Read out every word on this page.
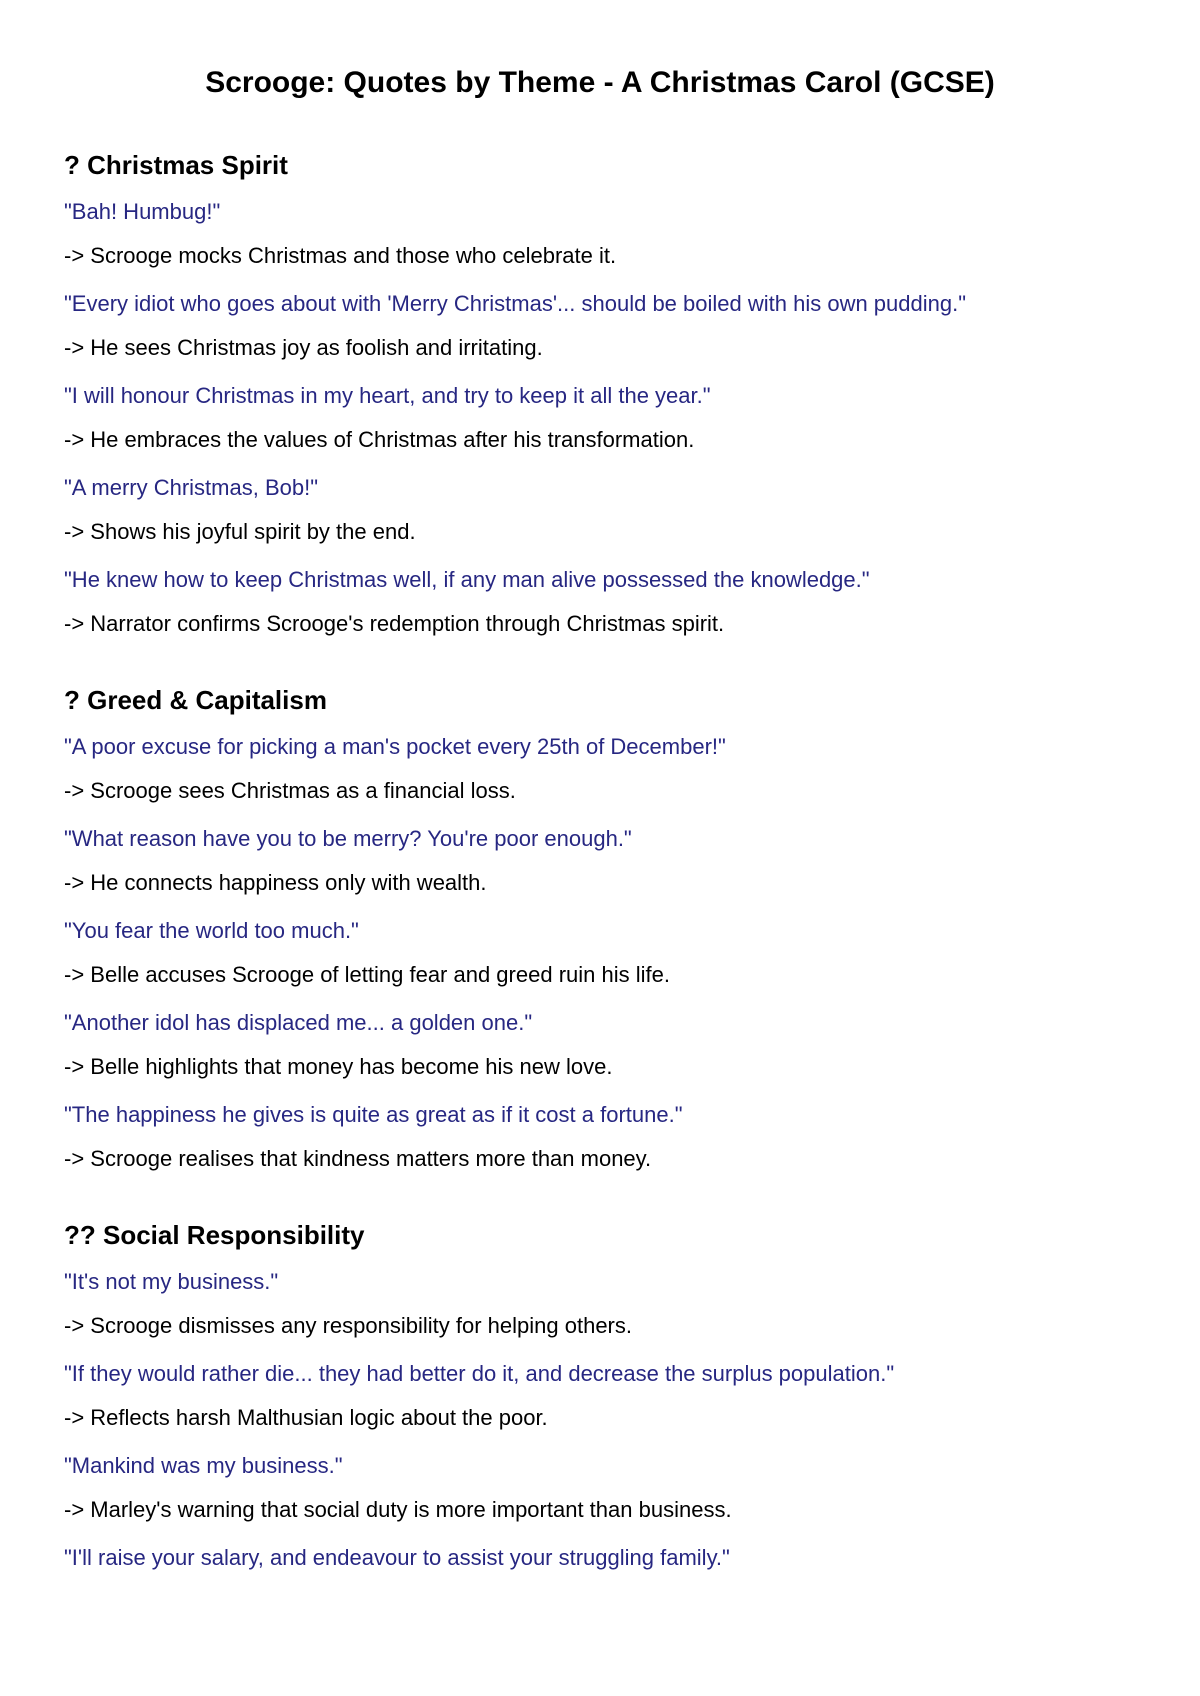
Scrooge: Quotes by Theme - A Christmas Carol (GCSE)
? Christmas Spirit

"Bah! Humbug!"

-> Scrooge mocks Christmas and those who celebrate it.

"Every idiot who goes about with 'Merry Christmas'... should be boiled with his own pudding."

-> He sees Christmas joy as foolish and irritating.

"I will honour Christmas in my heart, and try to keep it all the year."

-> He embraces the values of Christmas after his transformation.

"A merry Christmas, Bob!"

-> Shows his joyful spirit by the end.

"He knew how to keep Christmas well, if any man alive possessed the knowledge."

-> Narrator confirms Scrooge's redemption through Christmas spirit.

? Greed & Capitalism

"A poor excuse for picking a man's pocket every 25th of December!"

-> Scrooge sees Christmas as a financial loss.

"What reason have you to be merry? You're poor enough."

-> He connects happiness only with wealth.

"You fear the world too much."

-> Belle accuses Scrooge of letting fear and greed ruin his life.

"Another idol has displaced me... a golden one."

-> Belle highlights that money has become his new love.

"The happiness he gives is quite as great as if it cost a fortune."

-> Scrooge realises that kindness matters more than money.

?? Social Responsibility

"It's not my business."

-> Scrooge dismisses any responsibility for helping others.

"If they would rather die... they had better do it, and decrease the surplus population."

-> Reflects harsh Malthusian logic about the poor.

"Mankind was my business."

-> Marley's warning that social duty is more important than business.

"I'll raise your salary, and endeavour to assist your struggling family."
